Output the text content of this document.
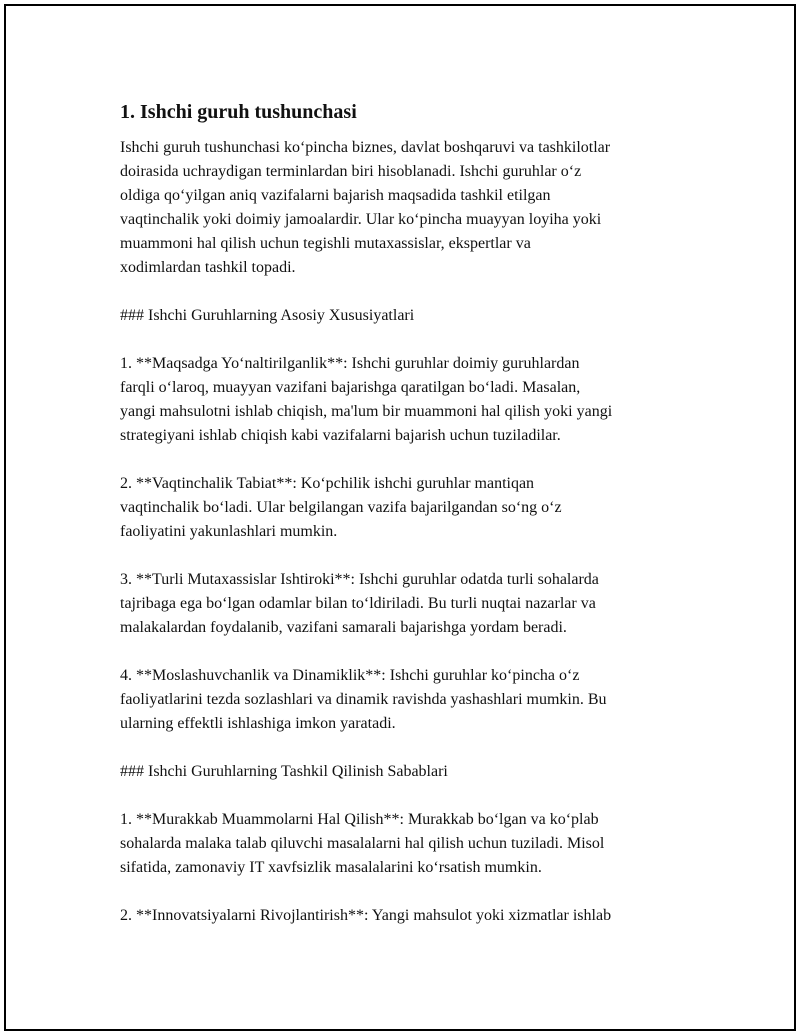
1. Ishchi guruh tushunchasi
Ishchi guruh tushunchasi koʻpincha biznes, davlat boshqaruvi va tashkilotlar
doirasida uchraydigan terminlardan biri hisoblanadi. Ishchi guruhlar oʻz
oldiga qoʻyilgan aniq vazifalarni bajarish maqsadida tashkil etilgan
vaqtinchalik yoki doimiy jamoalardir. Ular koʻpincha muayyan loyiha yoki
muammoni hal qilish uchun tegishli mutaxassislar, ekspertlar va
xodimlardan tashkil topadi.
### Ishchi Guruhlarning Asosiy Xususiyatlari
1. **Maqsadga Yoʻnaltirilganlik**: Ishchi guruhlar doimiy guruhlardan
farqli oʻlaroq, muayyan vazifani bajarishga qaratilgan boʻladi. Masalan,
yangi mahsulotni ishlab chiqish, ma'lum bir muammoni hal qilish yoki yangi
strategiyani ishlab chiqish kabi vazifalarni bajarish uchun tuziladilar.
2. **Vaqtinchalik Tabiat**: Koʻpchilik ishchi guruhlar mantiqan
vaqtinchalik boʻladi. Ular belgilangan vazifa bajarilgandan soʻng oʻz
faoliyatini yakunlashlari mumkin.
3. **Turli Mutaxassislar Ishtiroki**: Ishchi guruhlar odatda turli sohalarda
tajribaga ega boʻlgan odamlar bilan toʻldiriladi. Bu turli nuqtai nazarlar va
malakalardan foydalanib, vazifani samarali bajarishga yordam beradi.
4. **Moslashuvchanlik va Dinamiklik**: Ishchi guruhlar koʻpincha oʻz
faoliyatlarini tezda sozlashlari va dinamik ravishda yashashlari mumkin. Bu
ularning effektli ishlashiga imkon yaratadi.
### Ishchi Guruhlarning Tashkil Qilinish Sabablari
1. **Murakkab Muammolarni Hal Qilish**: Murakkab boʻlgan va koʻplab
sohalarda malaka talab qiluvchi masalalarni hal qilish uchun tuziladi. Misol
sifatida, zamonaviy IT xavfsizlik masalalarini koʻrsatish mumkin.
2. **Innovatsiyalarni Rivojlantirish**: Yangi mahsulot yoki xizmatlar ishlab
